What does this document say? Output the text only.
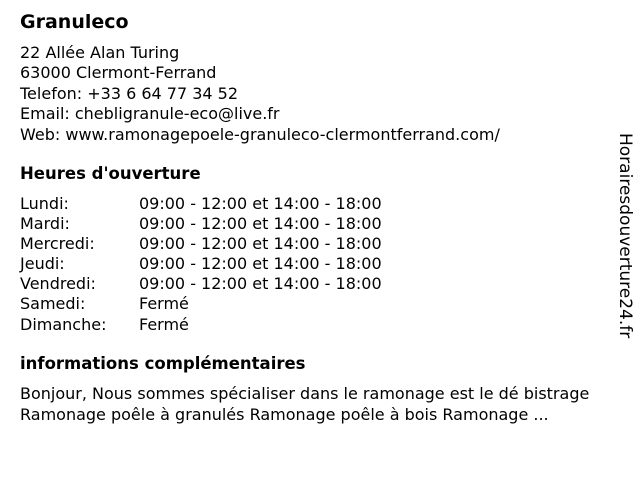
Granuleco
22 Allée Alan Turing
63000 Clermont-Ferrand
Telefon: +33 6 64 77 34 52
Email: chebligranule-eco@live.fr
Web: www.ramonagepoele-granuleco-clermontferrand.com/
Heures d'ouverture
Lundi:	09:00 - 12:00 et 14:00 - 18:00
Mardi:	09:00 - 12:00 et 14:00 - 18:00
Mercredi:	09:00 - 12:00 et 14:00 - 18:00
Jeudi:	09:00 - 12:00 et 14:00 - 18:00
Vendredi:	09:00 - 12:00 et 14:00 - 18:00
Samedi:	Fermé
Dimanche: Fermé
informations complémentaires
Bonjour, Nous sommes spécialiser dans le ramonage est le dé bistrage Ramonage poêle à granulés Ramonage poêle à bois Ramonage ...
Horairesdouverture24.fr
